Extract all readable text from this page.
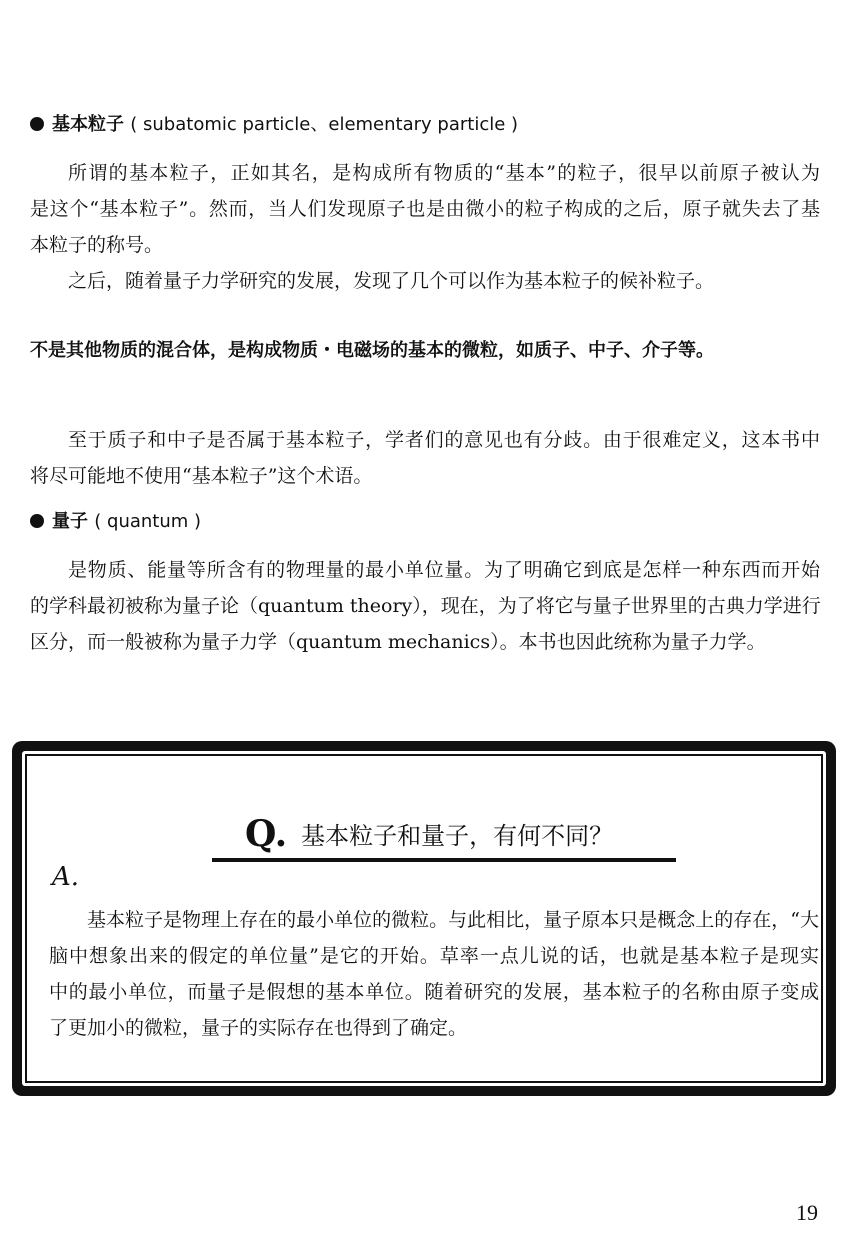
基本粒子 ( subatomic particle、elementary particle )
所谓的基本粒子，正如其名，是构成所有物质的“基本”的粒子，很早以前原子被认为
是这个“基本粒子”。然而，当人们发现原子也是由微小的粒子构成的之后，原子就失去了基
本粒子的称号。
之后，随着量子力学研究的发展，发现了几个可以作为基本粒子的候补粒子。
不是其他物质的混合体，是构成物质・电磁场的基本的微粒，如质子、中子、介子等。
至于质子和中子是否属于基本粒子，学者们的意见也有分歧。由于很难定义，这本书中
将尽可能地不使用“基本粒子”这个术语。
量子 ( quantum )
是物质、能量等所含有的物理量的最小单位量。为了明确它到底是怎样一种东西而开始
的学科最初被称为量子论（quantum theory），现在，为了将它与量子世界里的古典力学进行
区分，而一般被称为量子力学（quantum mechanics）。本书也因此统称为量子力学。
Q. 基本粒子和量子，有何不同？
A.
基本粒子是物理上存在的最小单位的微粒。与此相比，量子原本只是概念上的存在，“大
脑中想象出来的假定的单位量”是它的开始。草率一点儿说的话，也就是基本粒子是现实
中的最小单位，而量子是假想的基本单位。随着研究的发展，基本粒子的名称由原子变成
了更加小的微粒，量子的实际存在也得到了确定。
19
